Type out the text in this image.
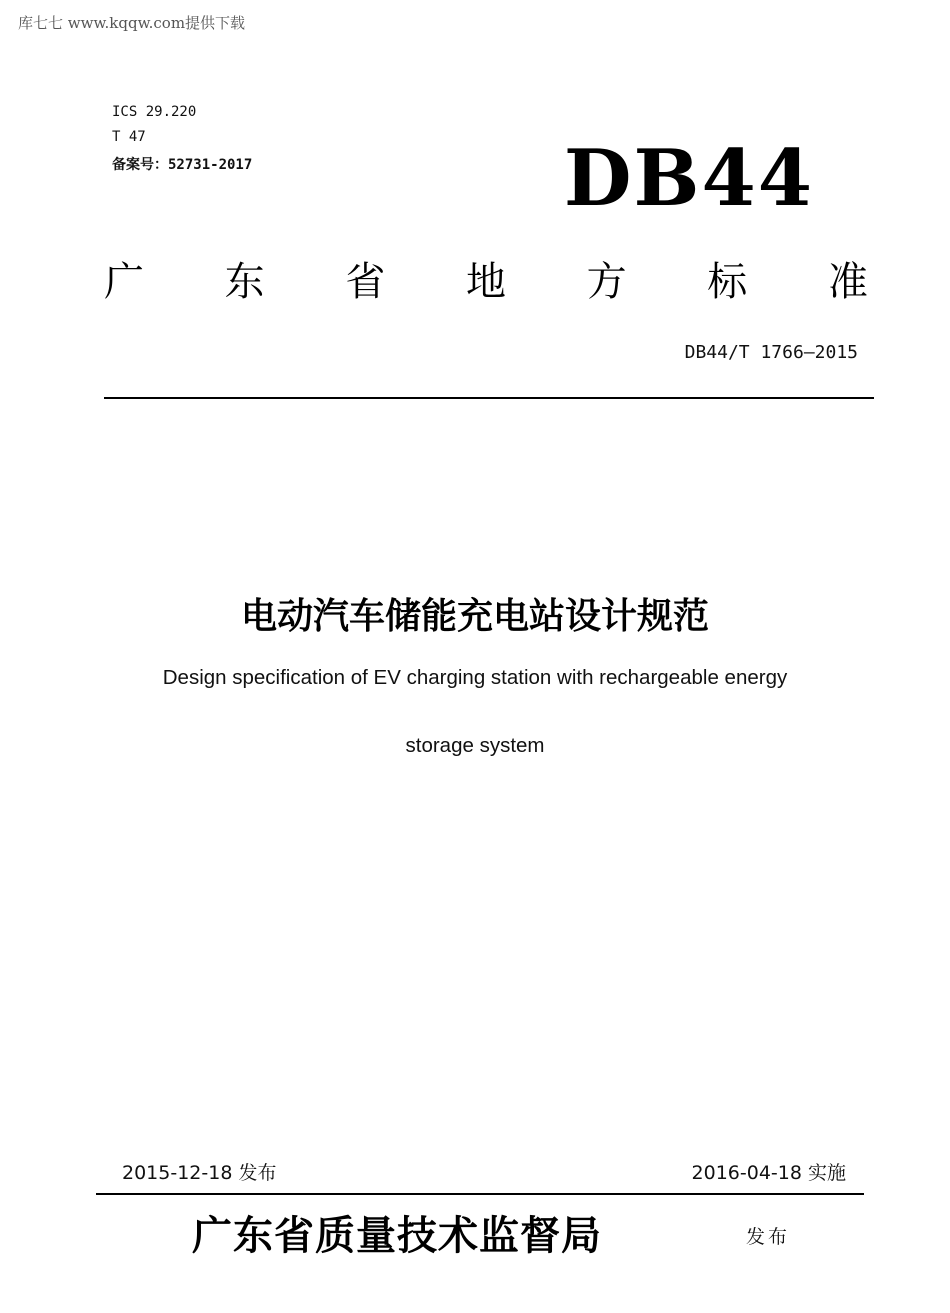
库七七 www.kqqw.com提供下载
ICS 29.220
T 47
备案号：52731-2017	DB44
广 东 省 地 方 标 准
DB44/T 1766—2015
电动汽车储能充电站设计规范
Design specification of EV charging station with rechargeable energy
storage system
2015-12-18 发布	2016-04-18 实施
广东省质量技术监督局	发布
